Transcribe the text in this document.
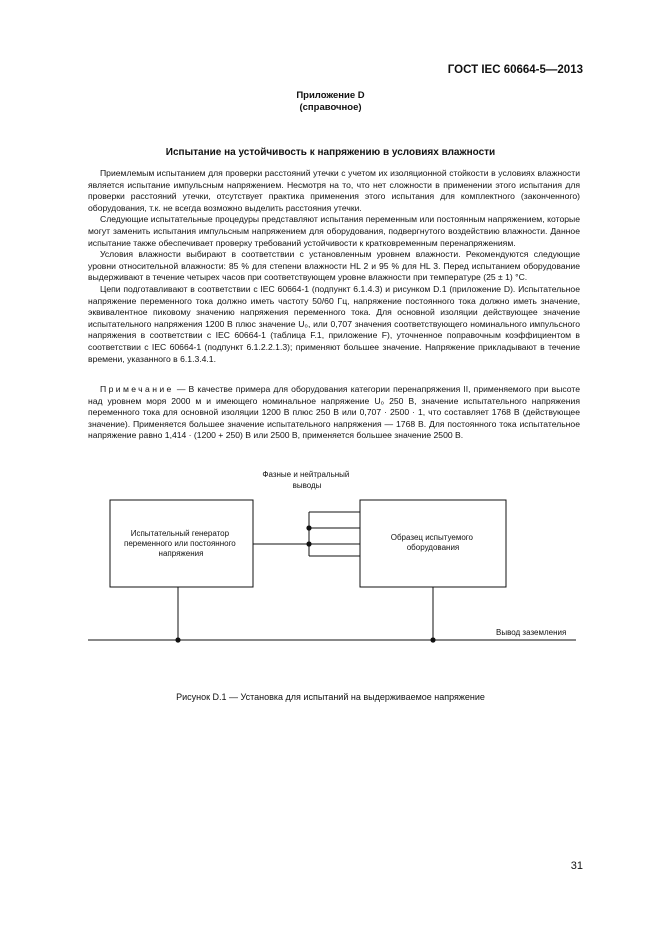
ГОСТ IEC 60664-5—2013
Приложение D
(справочное)
Испытание на устойчивость к напряжению в условиях влажности

Приемлемым испытанием для проверки расстояний утечки с учетом их изоляционной стойкости в условиях влажности является испытание импульсным напряжением. Несмотря на то, что нет сложности в применении этого испытания для проверки расстояний утечки, отсутствует практика применения этого испытания для комплектного (законченного) оборудования, т.к. не всегда возможно выделить расстояния утечки.

Следующие испытательные процедуры представляют испытания переменным или постоянным напряжением, которые могут заменить испытания импульсным напряжением для оборудования, подвергнутого воздействию влажности. Данное испытание также обеспечивает проверку требований устойчивости к кратковременным перенапряжениям.

Условия влажности выбирают в соответствии с установленным уровнем влажности. Рекомендуются следующие уровни относительной влажности: 85 % для степени влажности HL 2 и 95 % для HL 3. Перед испытанием оборудование выдерживают в течение четырех часов при соответствующем уровне влажности при температуре (25 ± 1) °С.

Цепи подготавливают в соответствии с IEC 60664-1 (подпункт 6.1.4.3) и рисунком D.1 (приложение D). Испытательное напряжение переменного тока должно иметь частоту 50/60 Гц, напряжение постоянного тока должно иметь значение, эквивалентное пиковому значению напряжения переменного тока. Для основной изоляции действующее значение испытательного напряжения 1200 В плюс значение U₀, или 0,707 значения соответствующего номинального импульсного напряжения в соответствии с IEC 60664-1 (таблица F.1, приложение F), уточненное поправочным коэффициентом в соответствии с IEC 60664-1 (подпункт 6.1.2.2.1.3); применяют большее значение. Напряжение прикладывают в течение времени, указанного в 6.1.3.4.1.

Примечание — В качестве примера для оборудования категории перенапряжения II, применяемого при высоте над уровнем моря 2000 м и имеющего номинальное напряжение U₀ 250 В, значение испытательного напряжения переменного тока для основной изоляции 1200 В плюс 250 В или 0,707 · 2500 · 1, что составляет 1768 В (действующее значение). Применяется большее значение испытательного напряжения — 1768 В. Для постоянного тока испытательное напряжение равно 1,414 · (1200 + 250) В или 2500 В, применяется большее значение 2500 В.

Испытательный генератор переменного или постоянного напряжения
Образец испытуемого оборудования
Фазные и нейтральный выводы
Вывод заземления
Рисунок D.1 — Установка для испытаний на выдерживаемое напряжение
31
